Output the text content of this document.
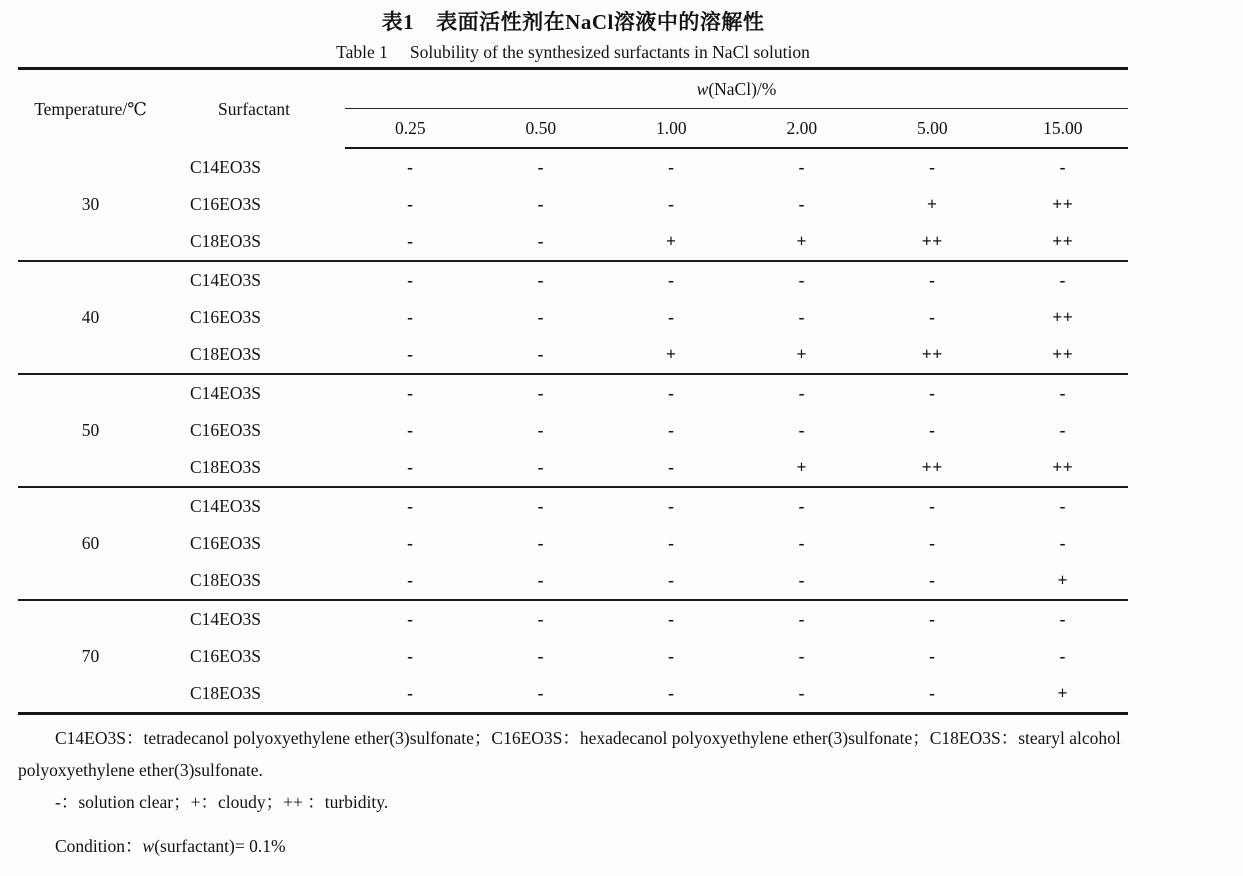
表1 表面活性剂在NaCl溶液中的溶解性
Table 1 Solubility of the synthesized surfactants in NaCl solution
Temperature/℃	Surfactant	w(NaCl)/%					
		0.25	0.50	1.00	2.00	5.00	15.00
30	C14EO3S	-	-	-	-	-	-
	C16EO3S	-	-	-	-	+	++
	C18EO3S	-	-	+	+	++	++
40	C14EO3S	-	-	-	-	-	-
	C16EO3S	-	-	-	-	-	++
	C18EO3S	-	-	+	+	++	++
50	C14EO3S	-	-	-	-	-	-
	C16EO3S	-	-	-	-	-	-
	C18EO3S	-	-	-	+	++	++
60	C14EO3S	-	-	-	-	-	-
	C16EO3S	-	-	-	-	-	-
	C18EO3S	-	-	-	-	-	+
70	C14EO3S	-	-	-	-	-	-
	C16EO3S	-	-	-	-	-	-
	C18EO3S	-	-	-	-	-	+

C14EO3S：tetradecanol polyoxyethylene ether(3)sulfonate；C16EO3S：hexadecanol polyoxyethylene ether(3)sulfonate；C18EO3S：stearyl alcohol polyoxyethylene ether(3)sulfonate.

-：solution clear；+：cloudy；++ ：turbidity.

Condition：w(surfactant)= 0.1%
